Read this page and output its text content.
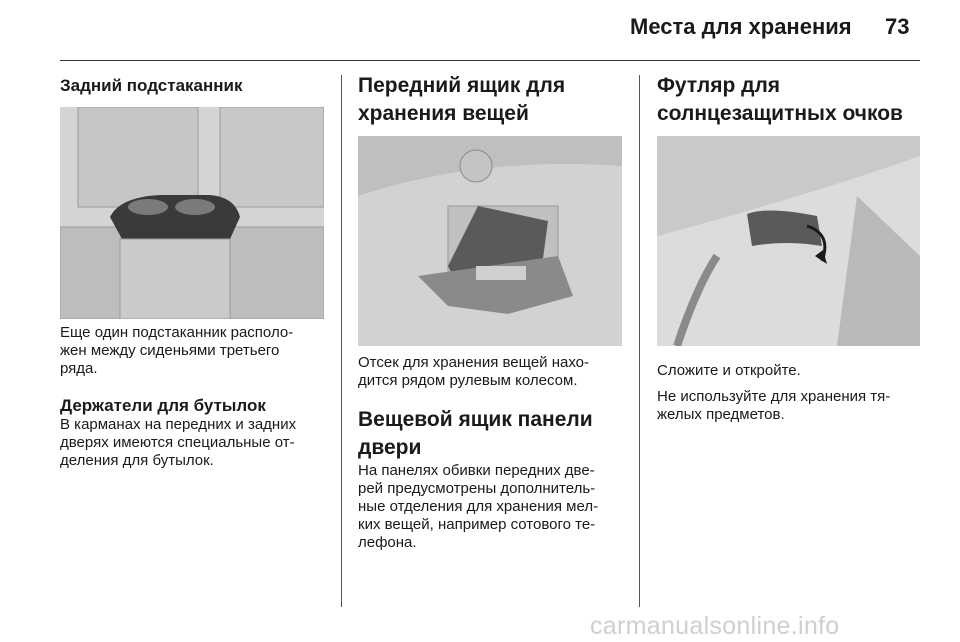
Места для хранения 73
Задний подстаканник

Еще один подстаканник располо-
жен между сиденьями третьего
ряда.

Держатели для бутылок

В карманах на передних и задних
дверях имеются специальные от-
деления для бутылок.

Передний ящик для
хранения вещей

Отсек для хранения вещей нахо-
дится рядом рулевым колесом.

Вещевой ящик панели
двери

На панелях обивки передних две-
рей предусмотрены дополнитель-
ные отделения для хранения мел-
ких вещей, например сотового те-
лефона.

Футляр для
солнцезащитных очков

Сложите и откройте.

Не используйте для хранения тя-
желых предметов.

carmanualsonline.info
